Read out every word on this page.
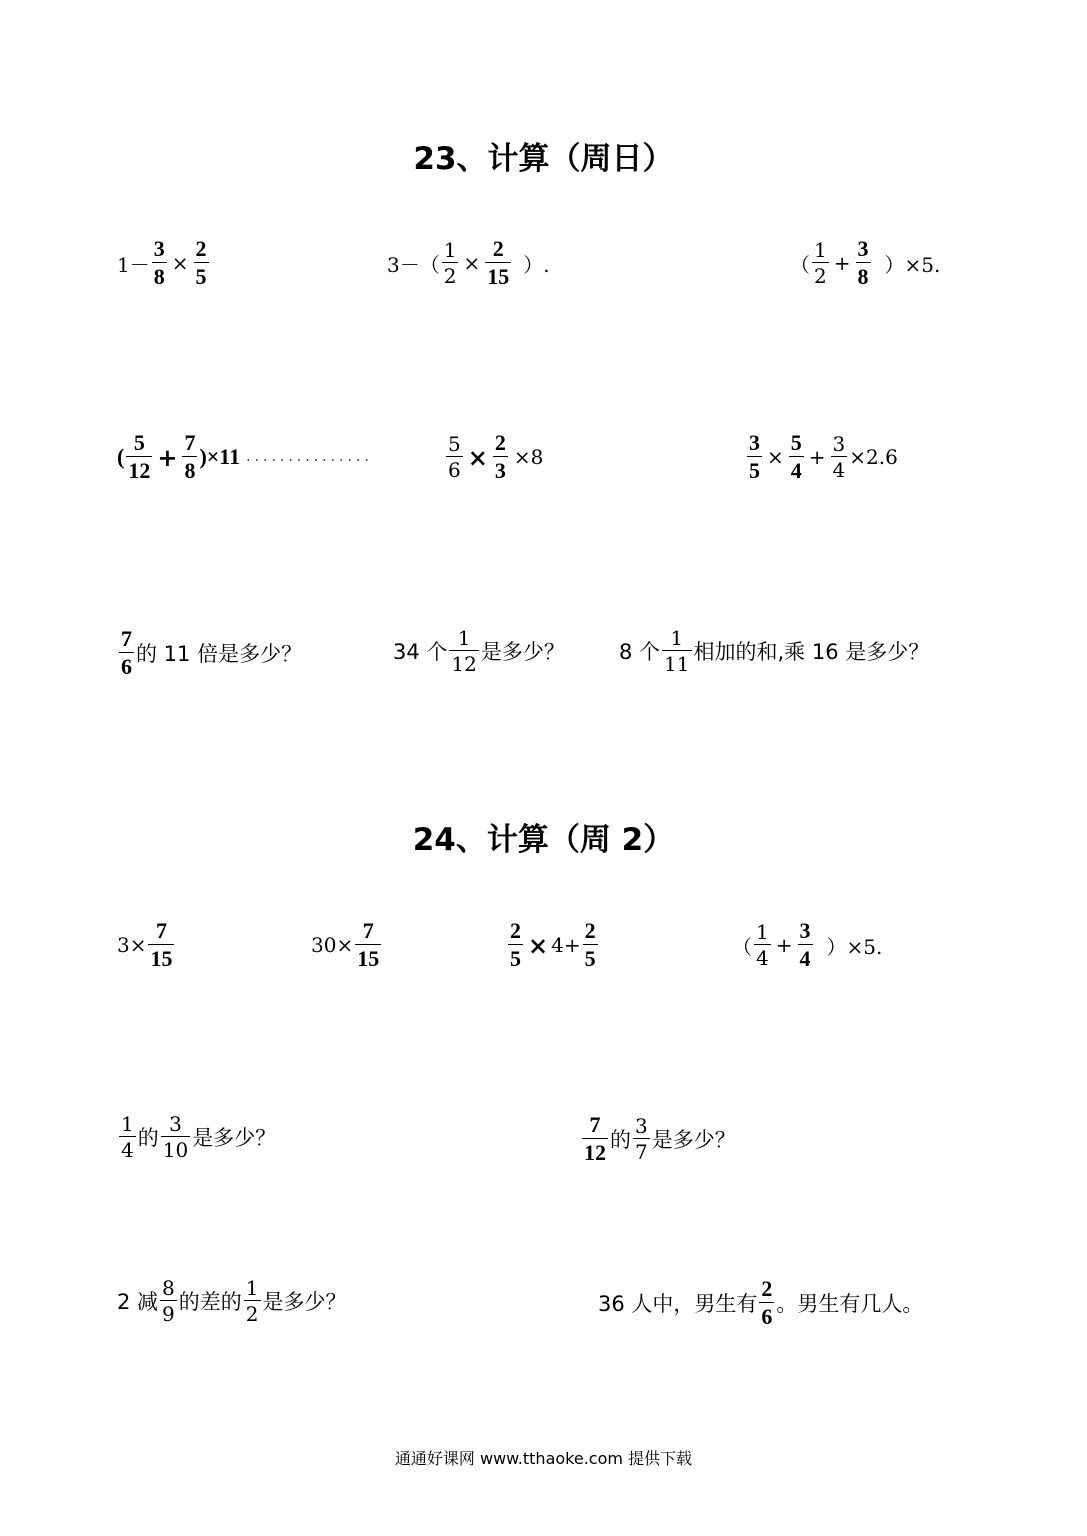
23、计算（周日）
$1- \frac{3}{8} \times \frac{2}{5}$	$3-( \frac{1}{2} \times \frac{2}{15}$ ）.	（ $\frac{1}{2} + \frac{3}{8} )\times 5$.
( $\frac{5}{12} + \frac{7}{8} )\times 11$ ...............	$\frac{5}{6} \times \frac{2}{3} \times 8$	$\frac{3}{5} \times \frac{5}{4} + \frac{3}{4} \times 2.6$
$\frac{7}{6}$ 的 11 倍是多少？	34 个 $\frac{1}{12}$ 是多少？	8 个 $\frac{1}{11}$ 相加的和,乘 16 是多少？
24、计算（周 2）
$3\times \frac{7}{15}$	$30\times \frac{7}{15}$	$\frac{2}{5} \times 4+ \frac{2}{5}$	（ $\frac{1}{4} + \frac{3}{4} )\times 5$.
$\frac{1}{4}$ 的 $\frac{3}{10}$ 是多少？	$\frac{7}{12}$ 的 $\frac{3}{7}$ 是多少？
2 减 $\frac{8}{9}$ 的差的 $\frac{1}{2}$ 是多少？	36 人中，男生有 $\frac{2}{6}$ 。男生有几人。
通通好课网 www.tthaoke.com 提供下载
